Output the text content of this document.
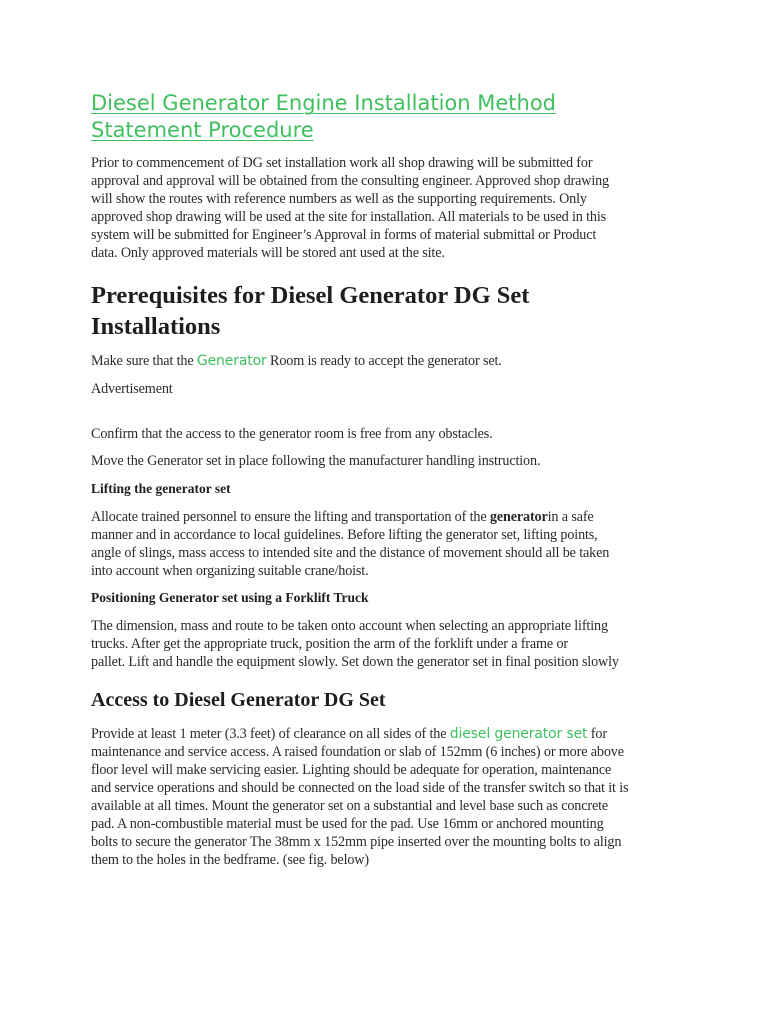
Diesel Generator Engine Installation Method
Statement Procedure

Prior to commencement of DG set installation work all shop drawing will be submitted for
approval and approval will be obtained from the consulting engineer. Approved shop drawing
will show the routes with reference numbers as well as the supporting requirements. Only
approved shop drawing will be used at the site for installation. All materials to be used in this
system will be submitted for Engineer’s Approval in forms of material submittal or Product
data. Only approved materials will be stored ant used at the site.

Prerequisites for Diesel Generator DG Set
Installations

Make sure that the Generator Room is ready to accept the generator set.

Advertisement

Confirm that the access to the generator room is free from any obstacles.

Move the Generator set in place following the manufacturer handling instruction.

Lifting the generator set

Allocate trained personnel to ensure the lifting and transportation of the generatorin a safe
manner and in accordance to local guidelines. Before lifting the generator set, lifting points,
angle of slings, mass access to intended site and the distance of movement should all be taken
into account when organizing suitable crane/hoist.

Positioning Generator set using a Forklift Truck

The dimension, mass and route to be taken onto account when selecting an appropriate lifting
trucks. After get the appropriate truck, position the arm of the forklift under a frame or
pallet. Lift and handle the equipment slowly. Set down the generator set in final position slowly

Access to Diesel Generator DG Set

Provide at least 1 meter (3.3 feet) of clearance on all sides of the diesel generator set for
maintenance and service access. A raised foundation or slab of 152mm (6 inches) or more above
floor level will make servicing easier. Lighting should be adequate for operation, maintenance
and service operations and should be connected on the load side of the transfer switch so that it is
available at all times. Mount the generator set on a substantial and level base such as concrete
pad. A non-combustible material must be used for the pad. Use 16mm or anchored mounting
bolts to secure the generator The 38mm x 152mm pipe inserted over the mounting bolts to align
them to the holes in the bedframe. (see fig. below)
